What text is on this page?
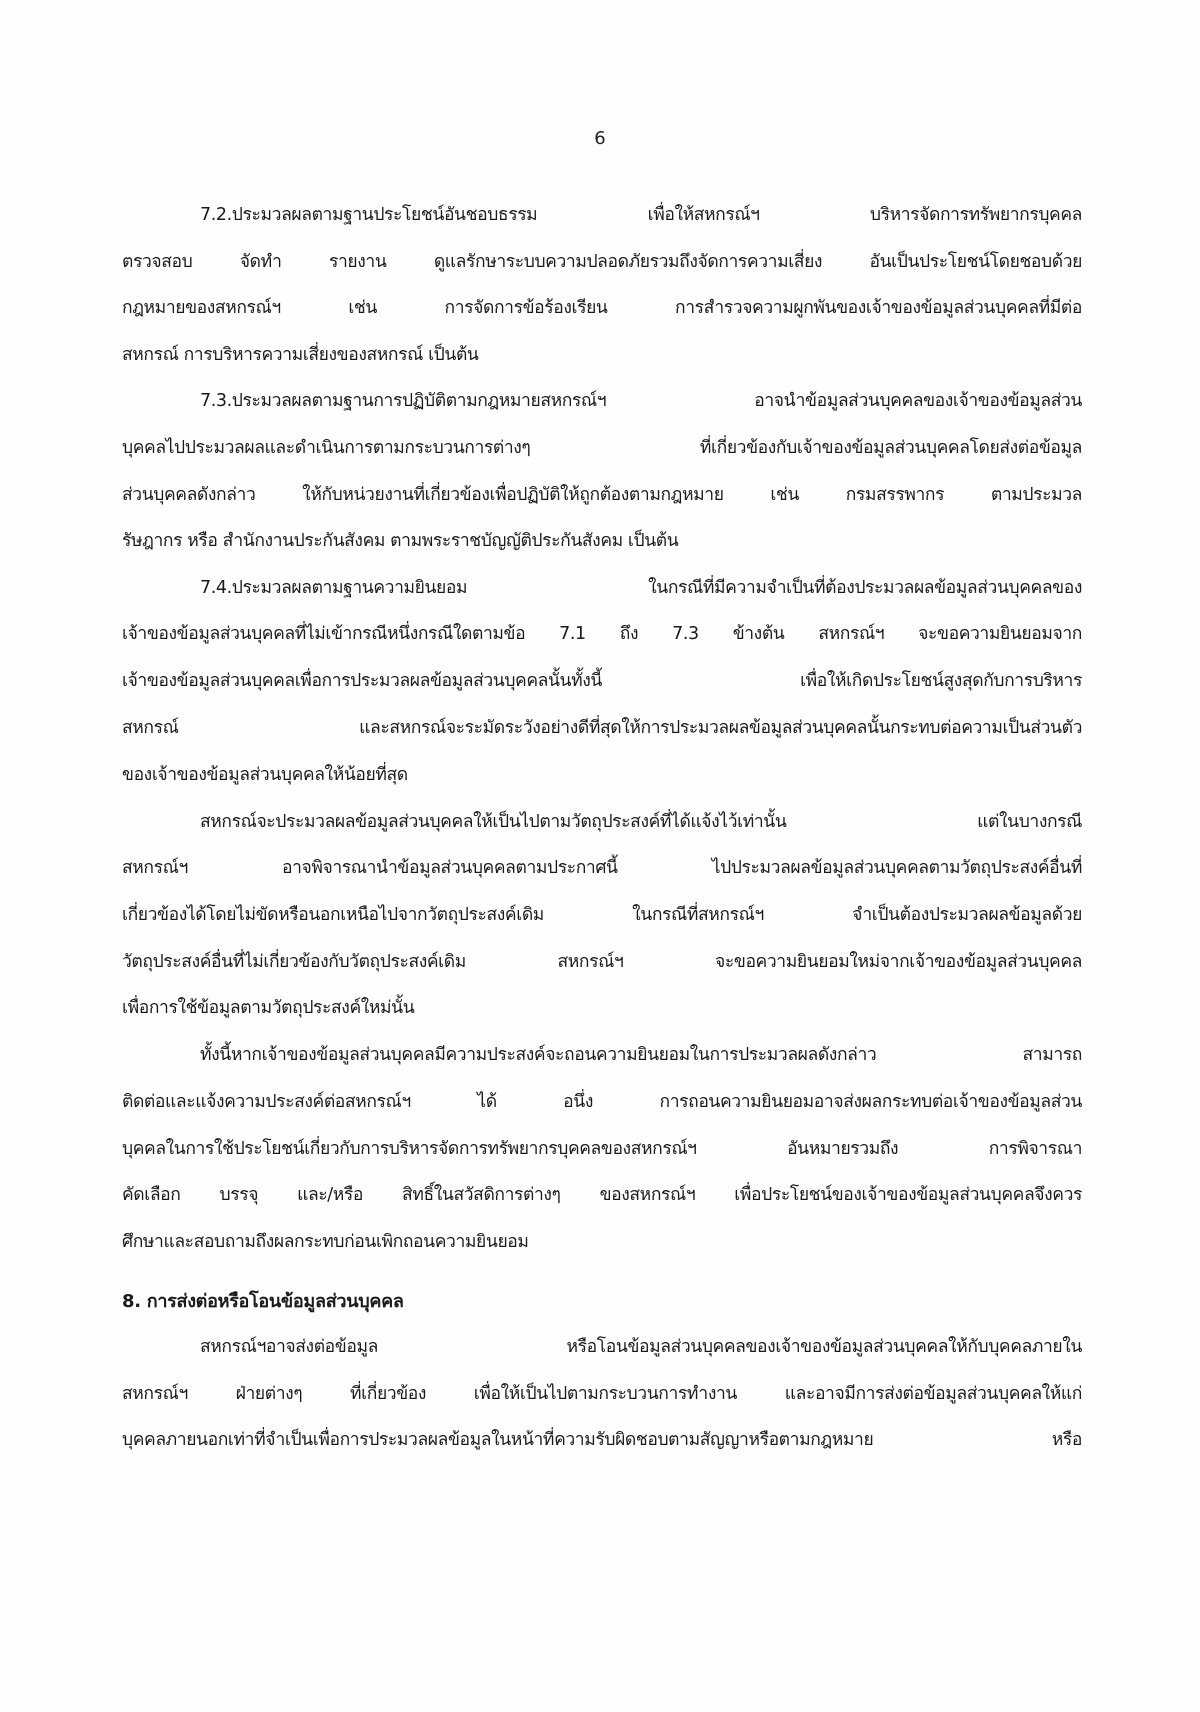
6
7.2.ประมวลผลตามฐานประโยชน์อันชอบธรรม เพื่อให้สหกรณ์ฯ บริหารจัดการทรัพยากรบุคคล
ตรวจสอบ จัดทำ รายงาน ดูแลรักษาระบบความปลอดภัยรวมถึงจัดการความเสี่ยง อันเป็นประโยชน์โดยชอบด้วย
กฎหมายของสหกรณ์ฯ เช่น การจัดการข้อร้องเรียน การสำรวจความผูกพันของเจ้าของข้อมูลส่วนบุคคลที่มีต่อ
สหกรณ์ การบริหารความเสี่ยงของสหกรณ์ เป็นต้น
7.3.ประมวลผลตามฐานการปฏิบัติตามกฎหมายสหกรณ์ฯ อาจนำข้อมูลส่วนบุคคลของเจ้าของข้อมูลส่วน
บุคคลไปประมวลผลและดำเนินการตามกระบวนการต่างๆ ที่เกี่ยวข้องกับเจ้าของข้อมูลส่วนบุคคลโดยส่งต่อข้อมูล
ส่วนบุคคลดังกล่าว ให้กับหน่วยงานที่เกี่ยวข้องเพื่อปฏิบัติให้ถูกต้องตามกฎหมาย เช่น กรมสรรพากร ตามประมวล
รัษฎากร หรือ สำนักงานประกันสังคม ตามพระราชบัญญัติประกันสังคม เป็นต้น
7.4.ประมวลผลตามฐานความยินยอม ในกรณีที่มีความจำเป็นที่ต้องประมวลผลข้อมูลส่วนบุคคลของ
เจ้าของข้อมูลส่วนบุคคลที่ไม่เข้ากรณีหนึ่งกรณีใดตามข้อ 7.1 ถึง 7.3 ข้างต้น สหกรณ์ฯ จะขอความยินยอมจาก
เจ้าของข้อมูลส่วนบุคคลเพื่อการประมวลผลข้อมูลส่วนบุคคลนั้นทั้งนี้ เพื่อให้เกิดประโยชน์สูงสุดกับการบริหาร
สหกรณ์ และสหกรณ์จะระมัดระวังอย่างดีที่สุดให้การประมวลผลข้อมูลส่วนบุคคลนั้นกระทบต่อความเป็นส่วนตัว
ของเจ้าของข้อมูลส่วนบุคคลให้น้อยที่สุด
สหกรณ์จะประมวลผลข้อมูลส่วนบุคคลให้เป็นไปตามวัตถุประสงค์ที่ได้แจ้งไว้เท่านั้น แต่ในบางกรณี
สหกรณ์ฯ อาจพิจารณานำข้อมูลส่วนบุคคลตามประกาศนี้ ไปประมวลผลข้อมูลส่วนบุคคลตามวัตถุประสงค์อื่นที่
เกี่ยวข้องได้โดยไม่ขัดหรือนอกเหนือไปจากวัตถุประสงค์เดิม ในกรณีที่สหกรณ์ฯ จำเป็นต้องประมวลผลข้อมูลด้วย
วัตถุประสงค์อื่นที่ไม่เกี่ยวข้องกับวัตถุประสงค์เดิม สหกรณ์ฯ จะขอความยินยอมใหม่จากเจ้าของข้อมูลส่วนบุคคล
เพื่อการใช้ข้อมูลตามวัตถุประสงค์ใหม่นั้น
ทั้งนี้หากเจ้าของข้อมูลส่วนบุคคลมีความประสงค์จะถอนความยินยอมในการประมวลผลดังกล่าว สามารถ
ติดต่อและแจ้งความประสงค์ต่อสหกรณ์ฯ ได้ อนึ่ง การถอนความยินยอมอาจส่งผลกระทบต่อเจ้าของข้อมูลส่วน
บุคคลในการใช้ประโยชน์เกี่ยวกับการบริหารจัดการทรัพยากรบุคคลของสหกรณ์ฯ อันหมายรวมถึง การพิจารณา
คัดเลือก บรรจุ และ/หรือ สิทธิ์ในสวัสดิการต่างๆ ของสหกรณ์ฯ เพื่อประโยชน์ของเจ้าของข้อมูลส่วนบุคคลจึงควร
ศึกษาและสอบถามถึงผลกระทบก่อนเพิกถอนความยินยอม
8. การส่งต่อหรือโอนข้อมูลส่วนบุคคล
สหกรณ์ฯอาจส่งต่อข้อมูล หรือโอนข้อมูลส่วนบุคคลของเจ้าของข้อมูลส่วนบุคคลให้กับบุคคลภายใน
สหกรณ์ฯ ฝ่ายต่างๆ ที่เกี่ยวข้อง เพื่อให้เป็นไปตามกระบวนการทำงาน และอาจมีการส่งต่อข้อมูลส่วนบุคคลให้แก่
บุคคลภายนอกเท่าที่จำเป็นเพื่อการประมวลผลข้อมูลในหน้าที่ความรับผิดชอบตามสัญญาหรือตามกฎหมาย หรือ
